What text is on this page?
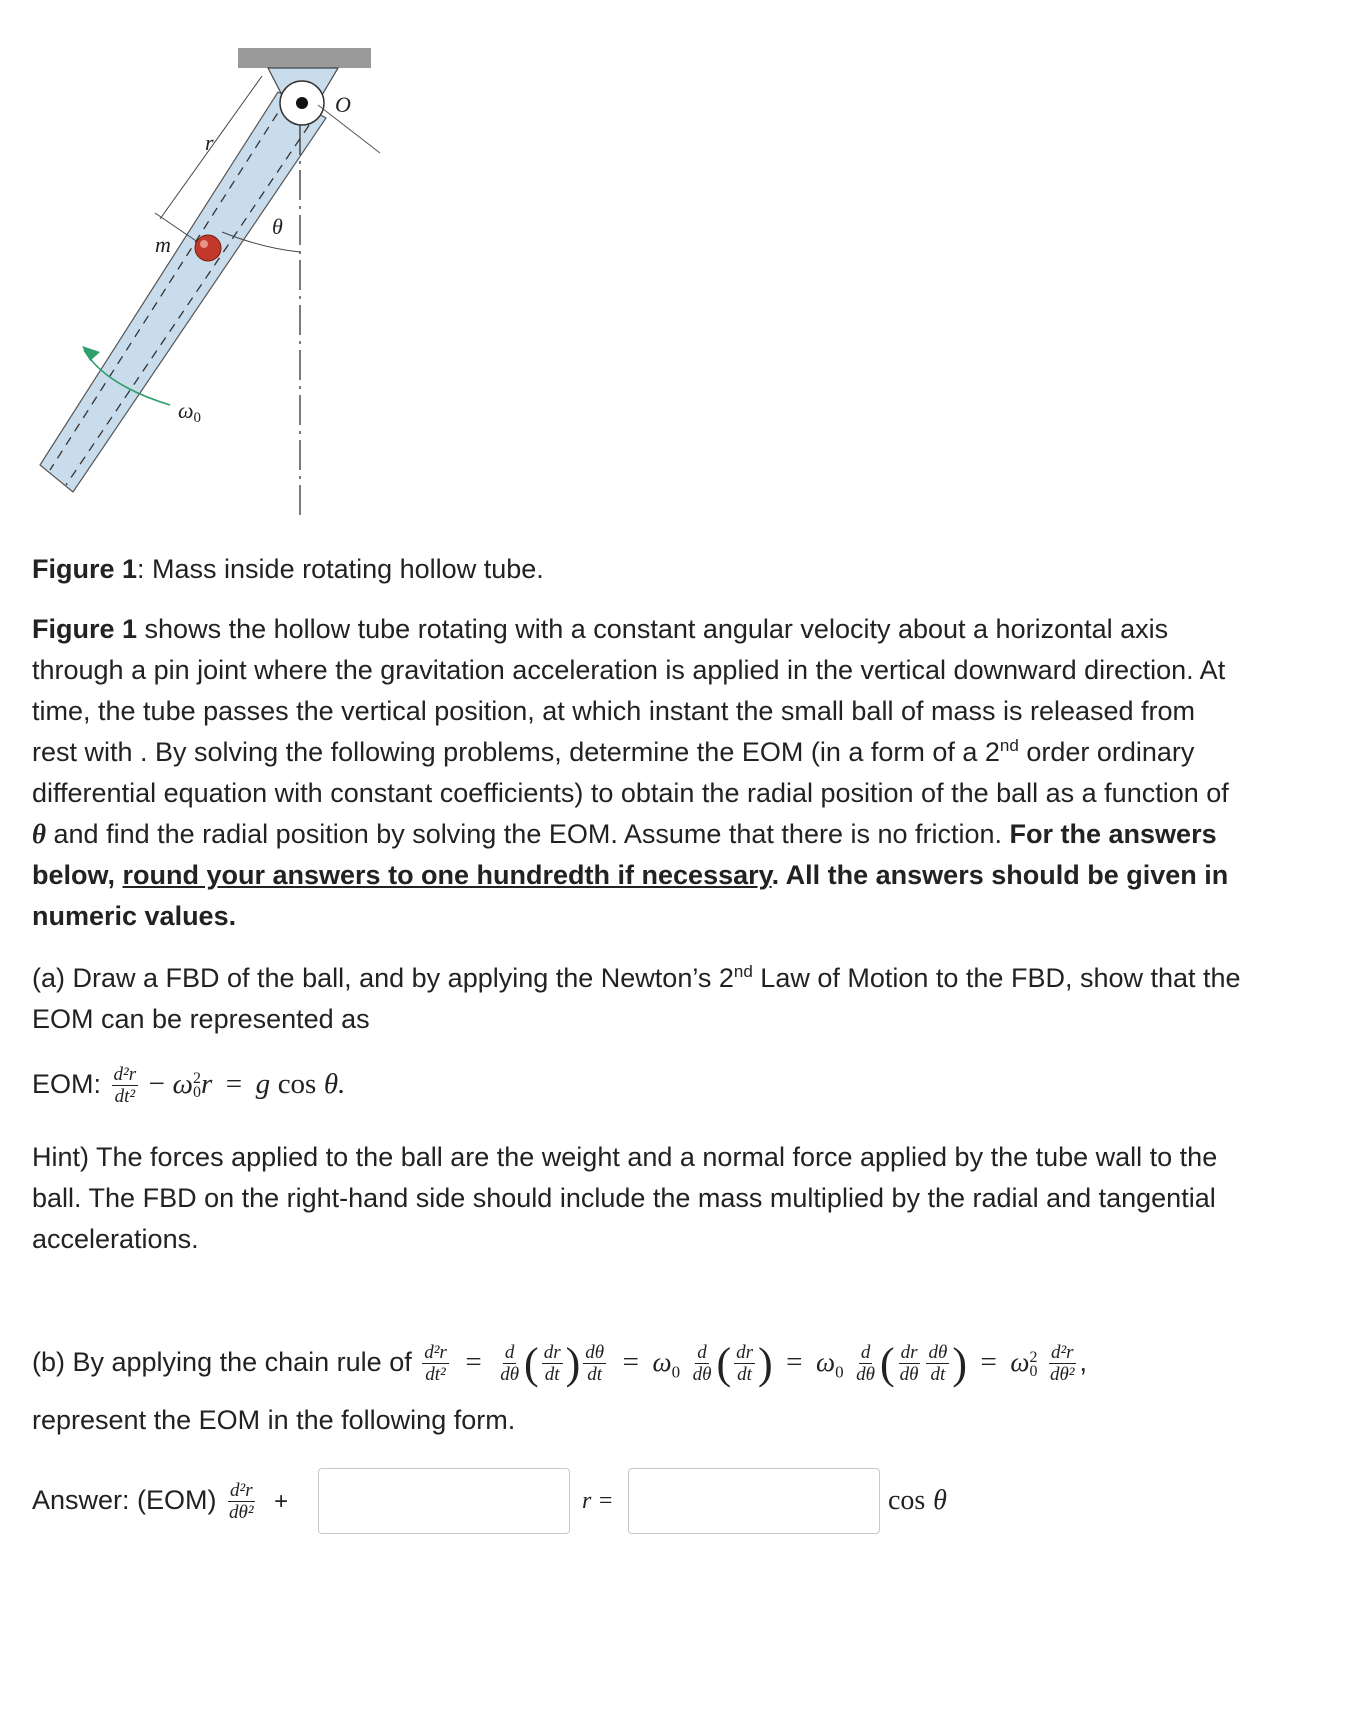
O
r
θ
m
ω0
Figure 1: Mass inside rotating hollow tube.
Figure 1 shows the hollow tube rotating with a constant angular velocity about a horizontal axis through a pin joint where the gravitation acceleration is applied in the vertical downward direction. At time, the tube passes the vertical position, at which instant the small ball of mass is released from rest with . By solving the following problems, determine the EOM (in a form of a 2nd order ordinary differential equation with constant coefficients) to obtain the radial position of the ball as a function of θ and find the radial position by solving the EOM. Assume that there is no friction. For the answers below, round your answers to one hundredth if necessary. All the answers should be given in numeric values.
(a) Draw a FBD of the ball, and by applying the Newton’s 2nd Law of Motion to the FBD, show that the EOM can be represented as
EOM: $\frac{\text{d²r}}{\text{dt²}} - \omega$ 2
0 r = g cos θ.
Hint) The forces applied to the ball are the weight and a normal force applied by the tube wall to the ball. The FBD on the right-hand side should include the mass multiplied by the radial and tangential accelerations.
(b) By applying the chain rule of $\frac{\text{d²r}}{\text{dt²}} = \frac{d}{d\theta}$ ( $\frac{dr}{dt}$ ) $\frac{d\theta}{dt} = \omega_0 \frac{d}{d\theta}$ ( $\frac{dr}{dt}$ ) = $\omega_0 \frac{d}{d\theta}$ ( $\frac{dr}{d\theta} \frac{d\theta}{dt}$ ) = ω 2
0
$\frac{\text{d²r}}{\text{dθ²}}$ ,
represent the EOM in the following form.
Answer: $(EOM) \frac{\text{d²r}}{\text{dθ²}}$ +	r =	cos θ
